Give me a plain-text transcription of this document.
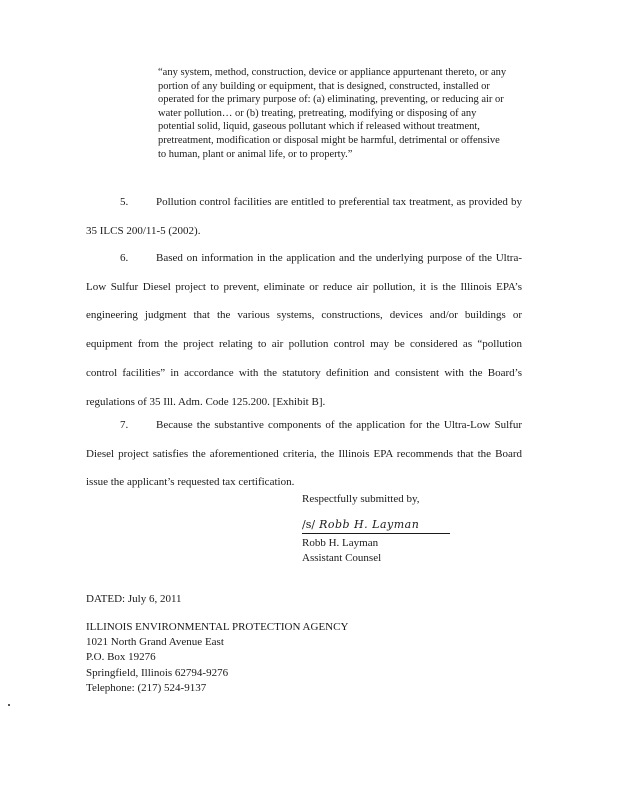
“any system, method, construction, device or appliance appurtenant thereto, or any portion of any building or equipment, that is designed, constructed, installed or operated for the primary purpose of: (a) eliminating, preventing, or reducing air or water pollution… or (b) treating, pretreating, modifying or disposing of any potential solid, liquid, gaseous pollutant which if released without treatment, pretreatment, modification or disposal might be harmful, detrimental or offensive to human, plant or animal life, or to property.”
5.	Pollution control facilities are entitled to preferential tax treatment, as provided by 35 ILCS 200/11-5 (2002).
6.	Based on information in the application and the underlying purpose of the Ultra-Low Sulfur Diesel project to prevent, eliminate or reduce air pollution, it is the Illinois EPA’s engineering judgment that the various systems, constructions, devices and/or buildings or equipment from the project relating to air pollution control may be considered as “pollution control facilities” in accordance with the statutory definition and consistent with the Board’s regulations of 35 Ill. Adm. Code 125.200. [Exhibit B].
7.	Because the substantive components of the application for the Ultra-Low Sulfur Diesel project satisfies the aforementioned criteria, the Illinois EPA recommends that the Board issue the applicant’s requested tax certification.
Respectfully submitted by,
/s/ Robb H. Layman
Robb H. Layman
Assistant Counsel
DATED: July 6, 2011
ILLINOIS ENVIRONMENTAL PROTECTION AGENCY
1021 North Grand Avenue East
P.O. Box 19276
Springfield, Illinois 62794-9276
Telephone: (217) 524-9137
